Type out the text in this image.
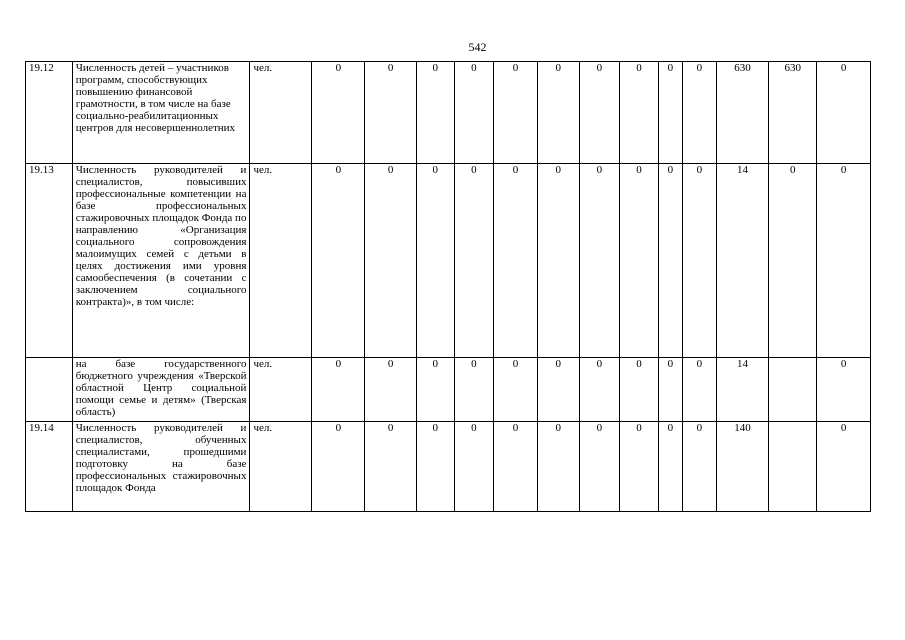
542
19.12	Численность детей – участников программ, способствующих повышению финансовой грамотности, в том числе на базе социально-реабилитационных центров для несовершеннолетних	чел.	0	0	0	0	0	0	0	0	0	0	630	630	0
19.13	Численность руководителей и специалистов, повысивших профессиональные компетенции на базе профессиональных стажировочных площадок Фонда по направлению «Организация социального сопровождения малоимущих семей с детьми в целях достижения ими уровня самообеспечения (в сочетании с заключением социального контракта)», в том числе:	чел.	0	0	0	0	0	0	0	0	0	0	14	0	0
	на базе государственного бюджетного учреждения «Тверской областной Центр социальной помощи семье и детям» (Тверская область)	чел.	0	0	0	0	0	0	0	0	0	0	14		0
19.14	Численность руководителей и специалистов, обученных специалистами, прошедшими подготовку на базе профессиональных стажировочных площадок Фонда	чел.	0	0	0	0	0	0	0	0	0	0	140		0
